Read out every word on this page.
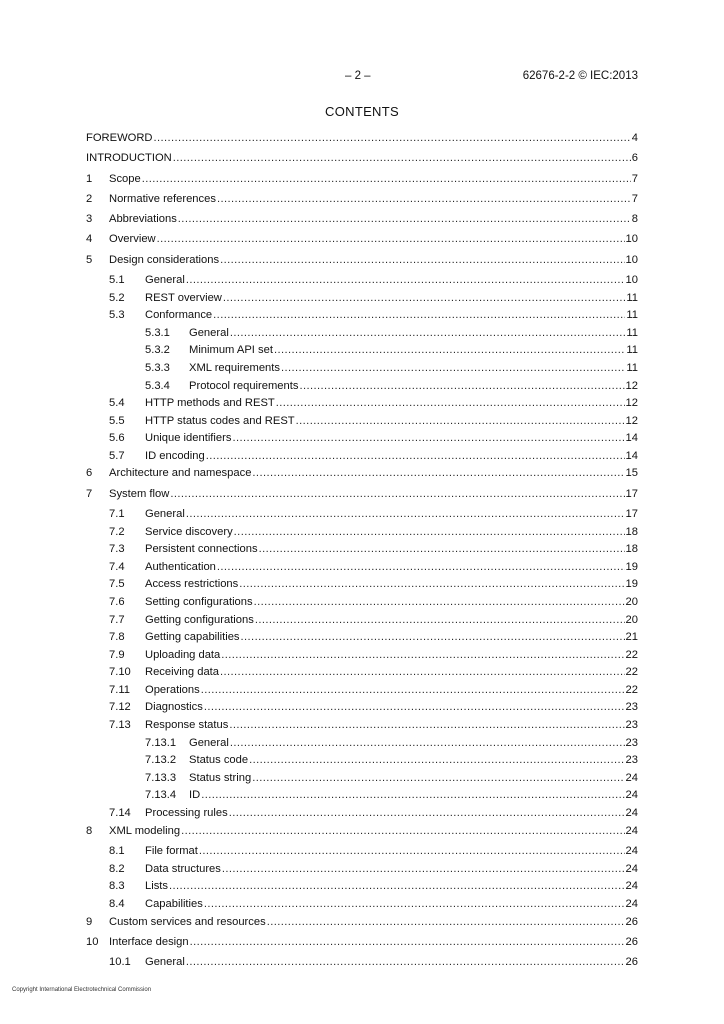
– 2 –	62676-2-2 © IEC:2013
CONTENTS
FOREWORD .....	4
INTRODUCTION .....	6
1	Scope .....	7
2	Normative references .....	7
3	Abbreviations .....	8
4	Overview .....	10
5	Design considerations .....	10
5.1	General .....	10
5.2	REST overview .....	11
5.3	Conformance .....	11
5.3.1	General .....	11
5.3.2	Minimum API set .....	11
5.3.3	XML requirements .....	11
5.3.4	Protocol requirements .....	12
5.4	HTTP methods and REST .....	12
5.5	HTTP status codes and REST .....	12
5.6	Unique identifiers .....	14
5.7	ID encoding .....	14
6	Architecture and namespace .....	15
7	System flow .....	17
7.1	General .....	17
7.2	Service discovery .....	18
7.3	Persistent connections .....	18
7.4	Authentication .....	19
7.5	Access restrictions .....	19
7.6	Setting configurations .....	20
7.7	Getting configurations .....	20
7.8	Getting capabilities .....	21
7.9	Uploading data .....	22
7.10	Receiving data .....	22
7.11	Operations .....	22
7.12	Diagnostics .....	23
7.13	Response status .....	23
7.13.1	General .....	23
7.13.2	Status code .....	23
7.13.3	Status string .....	24
7.13.4	ID .....	24
7.14	Processing rules .....	24
8	XML modeling .....	24
8.1	File format .....	24
8.2	Data structures .....	24
8.3	Lists .....	24
8.4	Capabilities .....	24
9	Custom services and resources .....	26
10 Interface design .....	26
10.1	General .....	26
Copyright International Electrotechnical Commission
